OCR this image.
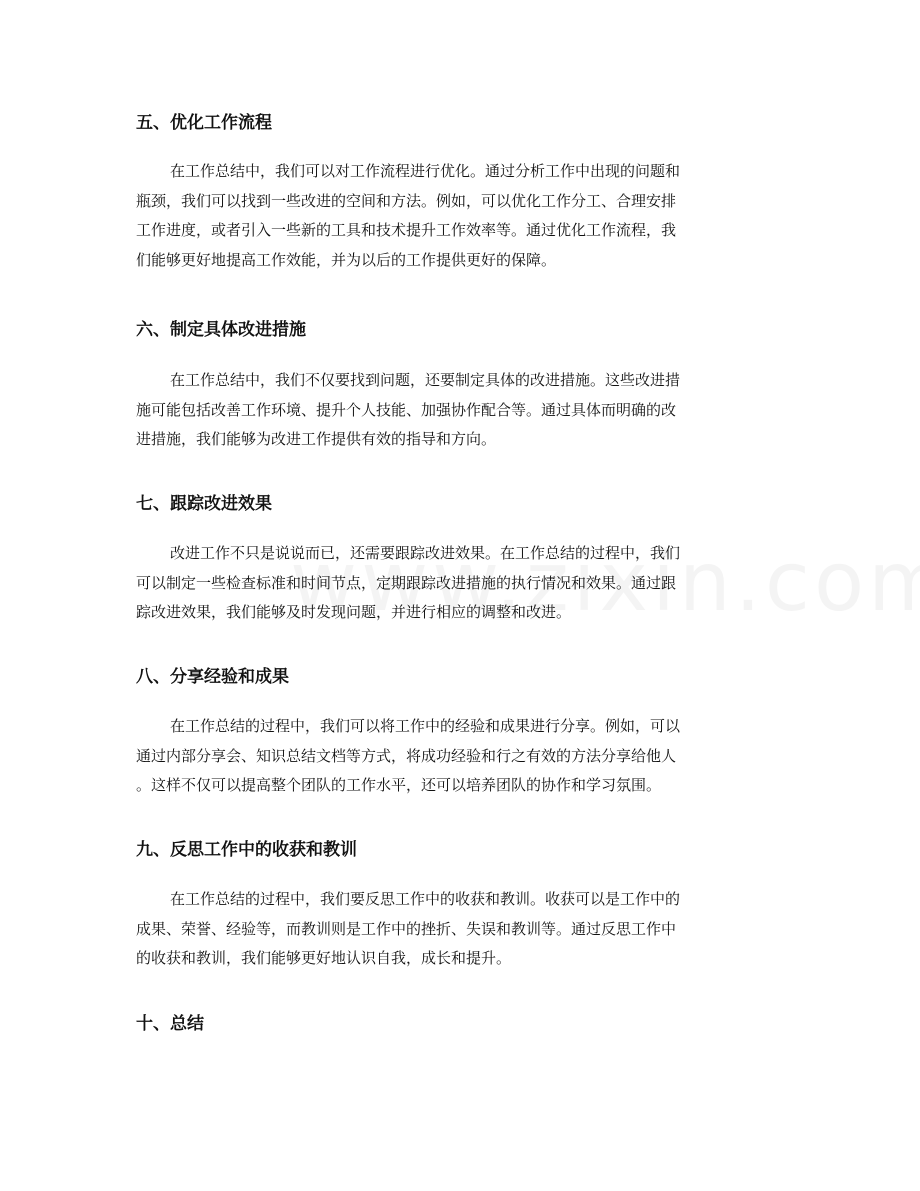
五、优化工作流程
在工作总结中，我们可以对工作流程进行优化。通过分析工作中出现的问题和
瓶颈，我们可以找到一些改进的空间和方法。例如，可以优化工作分工、合理安排
工作进度，或者引入一些新的工具和技术提升工作效率等。通过优化工作流程，我
们能够更好地提高工作效能，并为以后的工作提供更好的保障。
六、制定具体改进措施
在工作总结中，我们不仅要找到问题，还要制定具体的改进措施。这些改进措
施可能包括改善工作环境、提升个人技能、加强协作配合等。通过具体而明确的改
进措施，我们能够为改进工作提供有效的指导和方向。
七、跟踪改进效果
改进工作不只是说说而已，还需要跟踪改进效果。在工作总结的过程中，我们
可以制定一些检查标准和时间节点，定期跟踪改进措施的执行情况和效果。通过跟
踪改进效果，我们能够及时发现问题，并进行相应的调整和改进。
八、分享经验和成果
在工作总结的过程中，我们可以将工作中的经验和成果进行分享。例如，可以
通过内部分享会、知识总结文档等方式，将成功经验和行之有效的方法分享给他人
。这样不仅可以提高整个团队的工作水平，还可以培养团队的协作和学习氛围。
九、反思工作中的收获和教训
在工作总结的过程中，我们要反思工作中的收获和教训。收获可以是工作中的
成果、荣誉、经验等，而教训则是工作中的挫折、失误和教训等。通过反思工作中
的收获和教训，我们能够更好地认识自我，成长和提升。
十、总结
